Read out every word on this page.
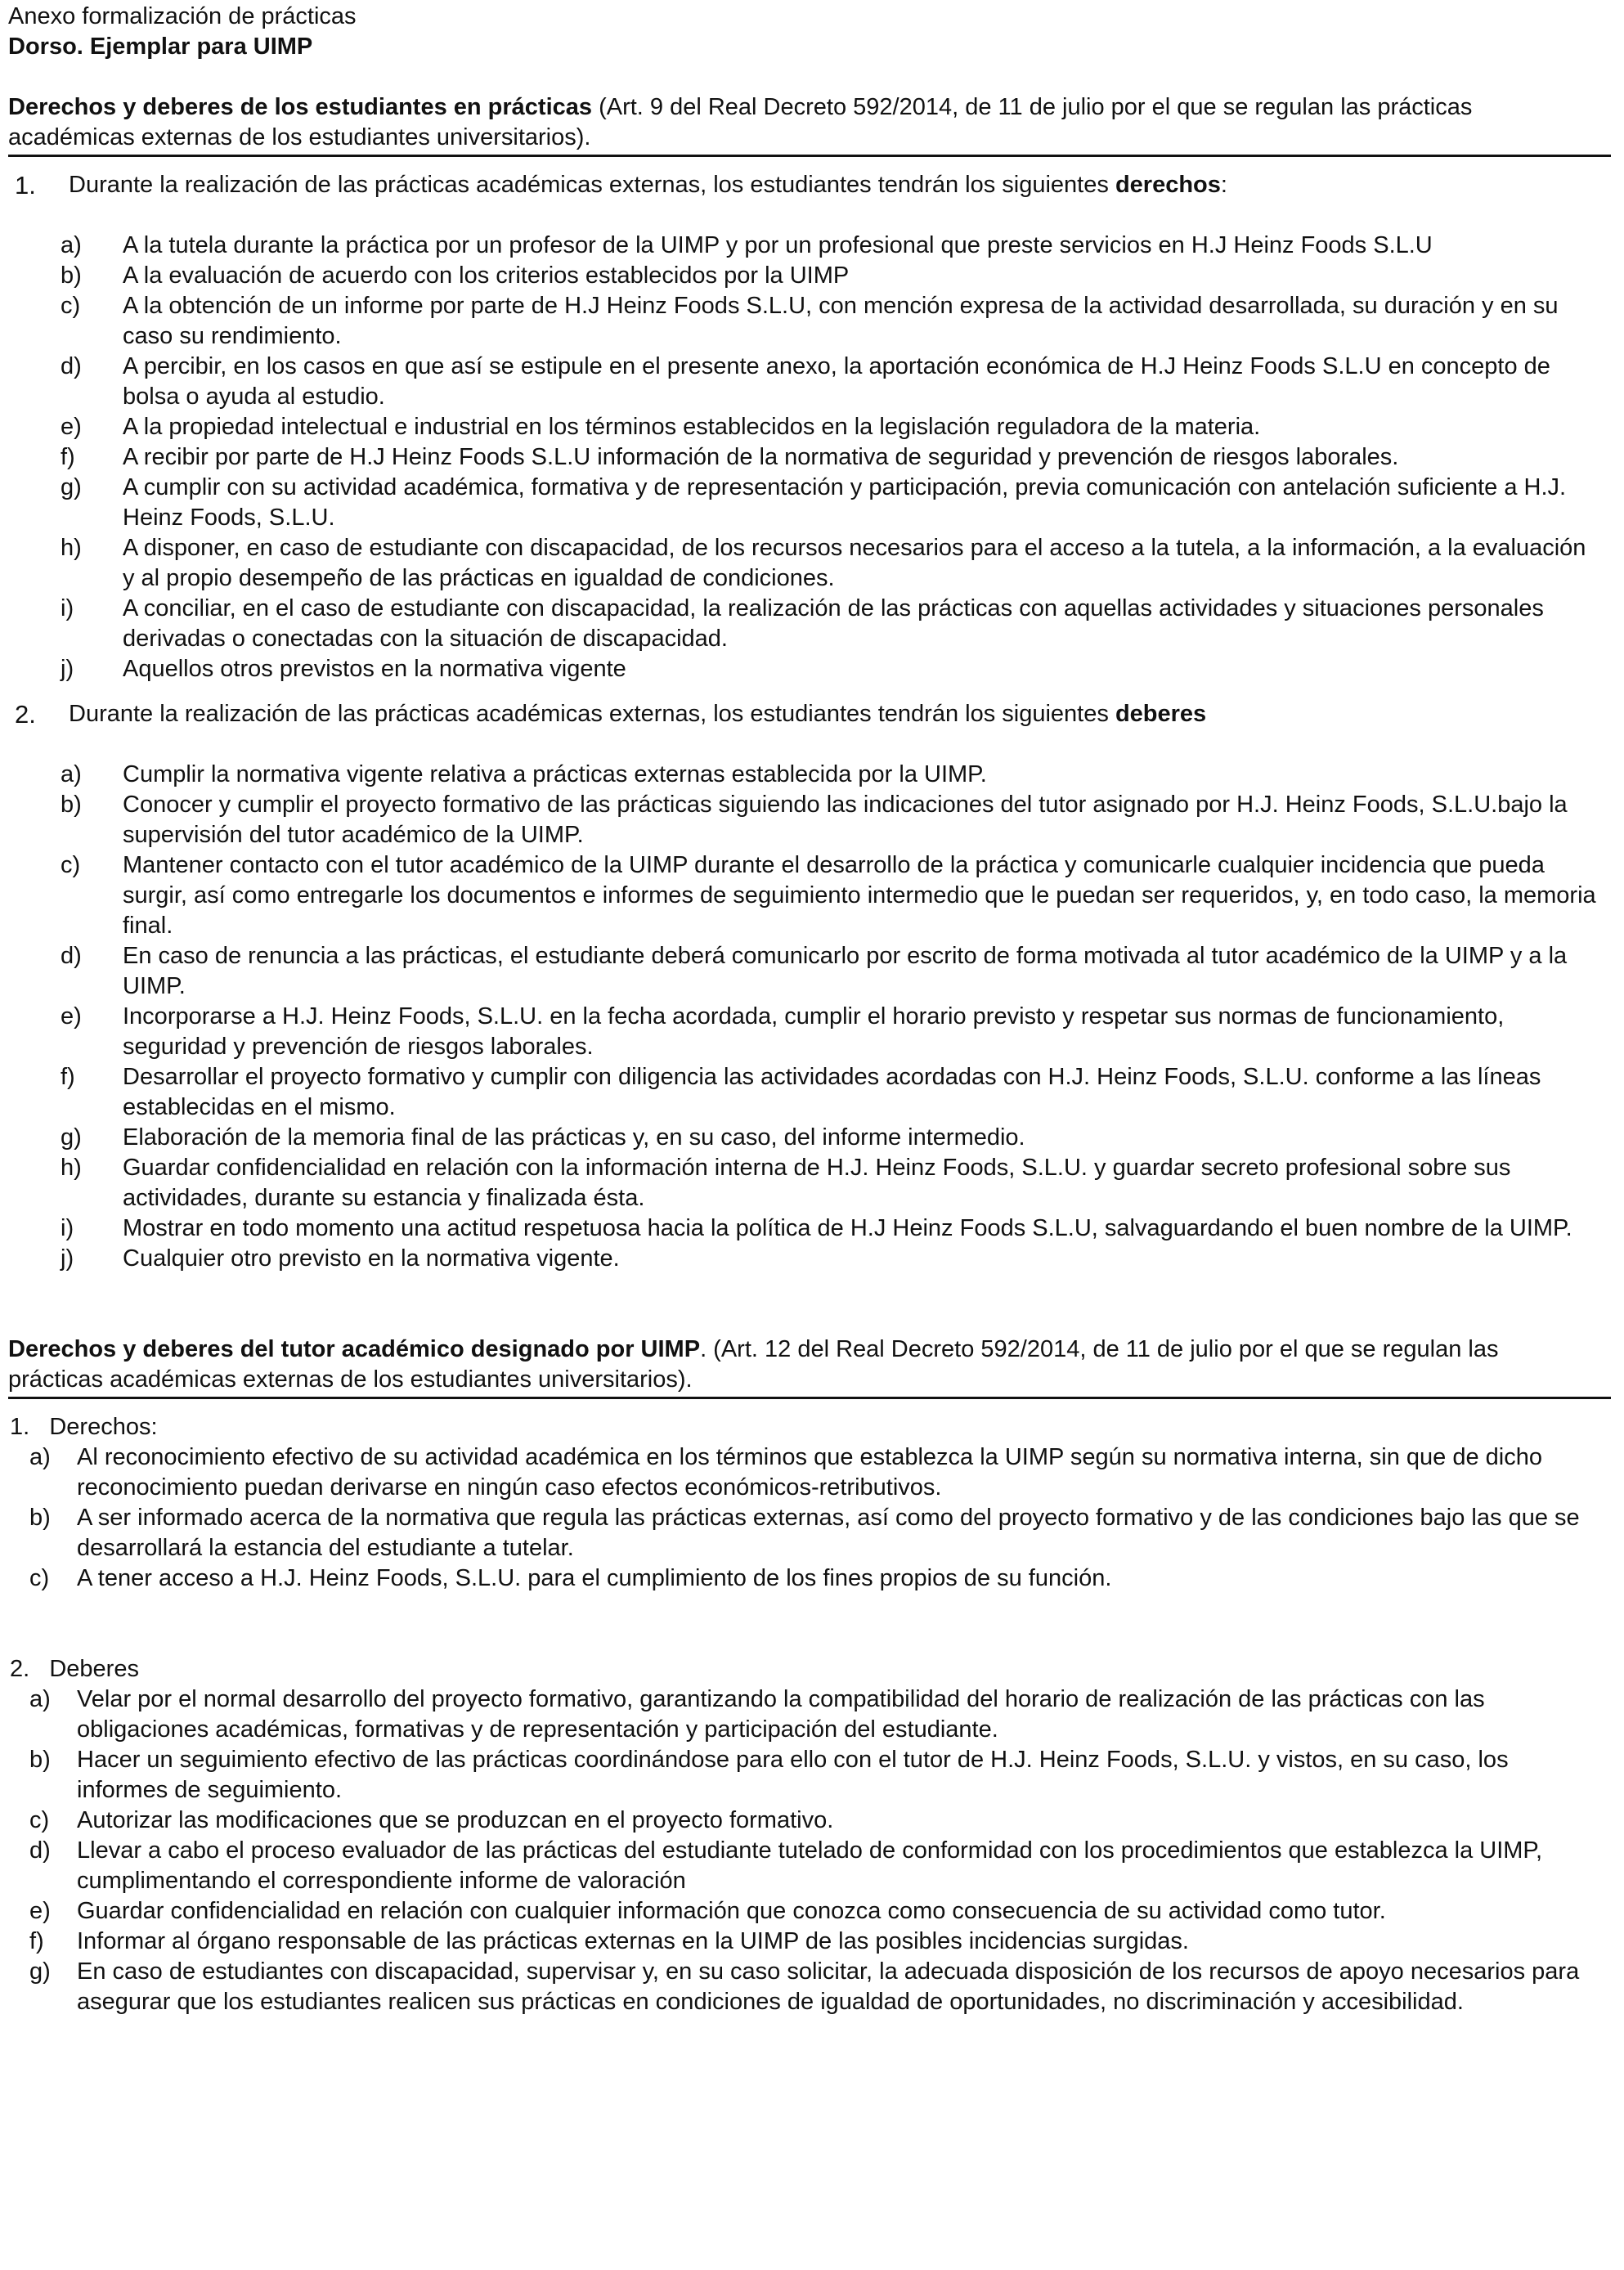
Anexo formalización de prácticas

Dorso. Ejemplar para UIMP

Derechos y deberes de los estudiantes en prácticas (Art. 9 del Real Decreto 592/2014, de 11 de julio por el que se regulan las prácticas académicas externas de los estudiantes universitarios).

1.	Durante la realización de las prácticas académicas externas, los estudiantes tendrán los siguientes derechos:
a)	A la tutela durante la práctica por un profesor de la UIMP y por un profesional que preste servicios en H.J Heinz Foods S.L.U
b)	A la evaluación de acuerdo con los criterios establecidos por la UIMP
c)	A la obtención de un informe por parte de H.J Heinz Foods S.L.U, con mención expresa de la actividad desarrollada, su duración y en su caso su rendimiento.
d)	A percibir, en los casos en que así se estipule en el presente anexo, la aportación económica de H.J Heinz Foods S.L.U en concepto de bolsa o ayuda al estudio.
e)	A la propiedad intelectual e industrial en los términos establecidos en la legislación reguladora de la materia.
f)	A recibir por parte de H.J Heinz Foods S.L.U información de la normativa de seguridad y prevención de riesgos laborales.
g)	A cumplir con su actividad académica, formativa y de representación y participación, previa comunicación con antelación suficiente a H.J. Heinz Foods, S.L.U.
h)	A disponer, en caso de estudiante con discapacidad, de los recursos necesarios para el acceso a la tutela, a la información, a la evaluación y al propio desempeño de las prácticas en igualdad de condiciones.
i)	A conciliar, en el caso de estudiante con discapacidad, la realización de las prácticas con aquellas actividades y situaciones personales derivadas o conectadas con la situación de discapacidad.
j)	Aquellos otros previstos en la normativa vigente
2.	Durante la realización de las prácticas académicas externas, los estudiantes tendrán los siguientes deberes
a)	Cumplir la normativa vigente relativa a prácticas externas establecida por la UIMP.
b)	Conocer y cumplir el proyecto formativo de las prácticas siguiendo las indicaciones del tutor asignado por H.J. Heinz Foods, S.L.U.bajo la supervisión del tutor académico de la UIMP.
c)	Mantener contacto con el tutor académico de la UIMP durante el desarrollo de la práctica y comunicarle cualquier incidencia que pueda surgir, así como entregarle los documentos e informes de seguimiento intermedio que le puedan ser requeridos, y, en todo caso, la memoria final.
d)	En caso de renuncia a las prácticas, el estudiante deberá comunicarlo por escrito de forma motivada al tutor académico de la UIMP y a la UIMP.
e)	Incorporarse a H.J. Heinz Foods, S.L.U. en la fecha acordada, cumplir el horario previsto y respetar sus normas de funcionamiento, seguridad y prevención de riesgos laborales.
f)	Desarrollar el proyecto formativo y cumplir con diligencia las actividades acordadas con H.J. Heinz Foods, S.L.U. conforme a las líneas establecidas en el mismo.
g)	Elaboración de la memoria final de las prácticas y, en su caso, del informe intermedio.
h)	Guardar confidencialidad en relación con la información interna de H.J. Heinz Foods, S.L.U. y guardar secreto profesional sobre sus actividades, durante su estancia y finalizada ésta.
i)	Mostrar en todo momento una actitud respetuosa hacia la política de H.J Heinz Foods S.L.U, salvaguardando el buen nombre de la UIMP.
j)	Cualquier otro previsto en la normativa vigente.

Derechos y deberes del tutor académico designado por UIMP. (Art. 12 del Real Decreto 592/2014, de 11 de julio por el que se regulan las prácticas académicas externas de los estudiantes universitarios).

1.   Derechos:

a)	Al reconocimiento efectivo de su actividad académica en los términos que establezca la UIMP según su normativa interna, sin que de dicho reconocimiento puedan derivarse en ningún caso efectos económicos-retributivos.
b)	A ser informado acerca de la normativa que regula las prácticas externas, así como del proyecto formativo y de las condiciones bajo las que se desarrollará la estancia del estudiante a tutelar.
c)	A tener acceso a H.J. Heinz Foods, S.L.U. para el cumplimiento de los fines propios de su función.

2.   Deberes

a)	Velar por el normal desarrollo del proyecto formativo, garantizando la compatibilidad del horario de realización de las prácticas con las obligaciones académicas, formativas y de representación y participación del estudiante.
b)	Hacer un seguimiento efectivo de las prácticas coordinándose para ello con el tutor de H.J. Heinz Foods, S.L.U. y vistos, en su caso, los informes de seguimiento.
c)	Autorizar las modificaciones que se produzcan en el proyecto formativo.
d)	Llevar a cabo el proceso evaluador de las prácticas del estudiante tutelado de conformidad con los procedimientos que establezca la UIMP, cumplimentando el correspondiente informe de valoración
e)	Guardar confidencialidad en relación con cualquier información que conozca como consecuencia de su actividad como tutor.
f)	Informar al órgano responsable de las prácticas externas en la UIMP de las posibles incidencias surgidas.
g)	En caso de estudiantes con discapacidad, supervisar y, en su caso solicitar, la adecuada disposición de los recursos de apoyo necesarios para asegurar que los estudiantes realicen sus prácticas en condiciones de igualdad de oportunidades, no discriminación y accesibilidad.
